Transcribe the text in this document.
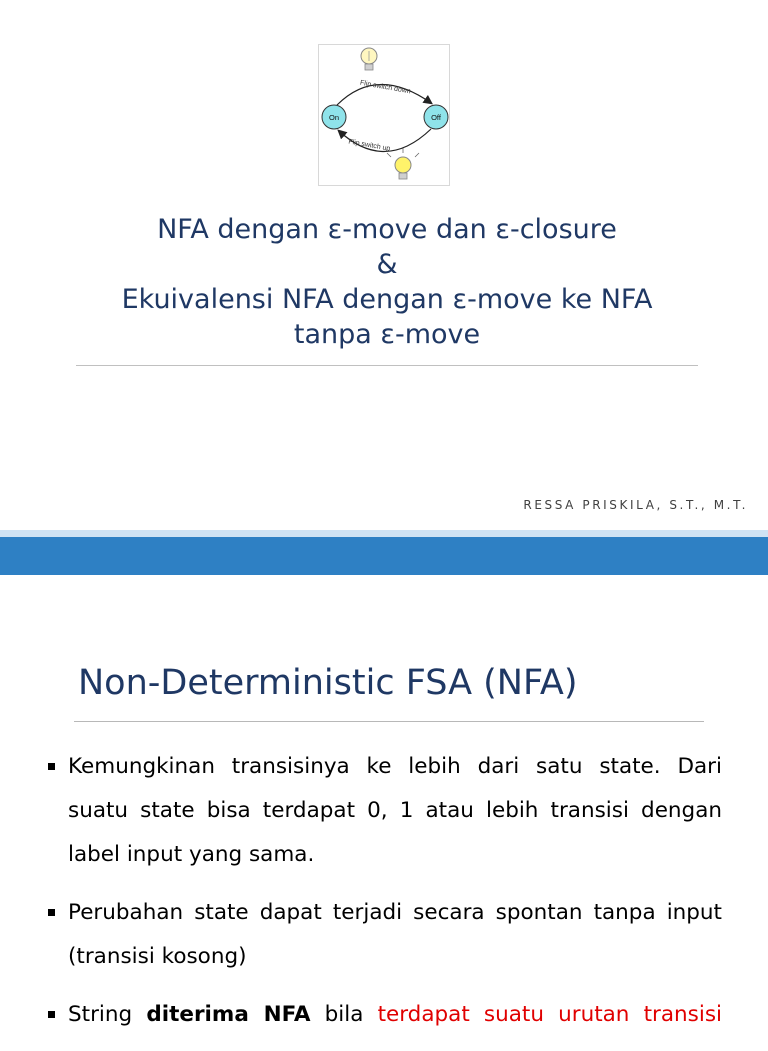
Flip switch down
Flip switch up
On	Off
NFA dengan ε-move dan ε-closure
&
Ekuivalensi NFA dengan ε-move ke NFA
tanpa ε-move
RESSA PRISKILA, S.T., M.T.
Non-Deterministic FSA (NFA)
Kemungkinan transisinya ke lebih dari satu state. Dari
suatu state bisa terdapat 0, 1 atau lebih transisi dengan
label input yang sama.
Perubahan state dapat terjadi secara spontan tanpa input
(transisi kosong)
String diterima NFA bila terdapat suatu urutan transisi
